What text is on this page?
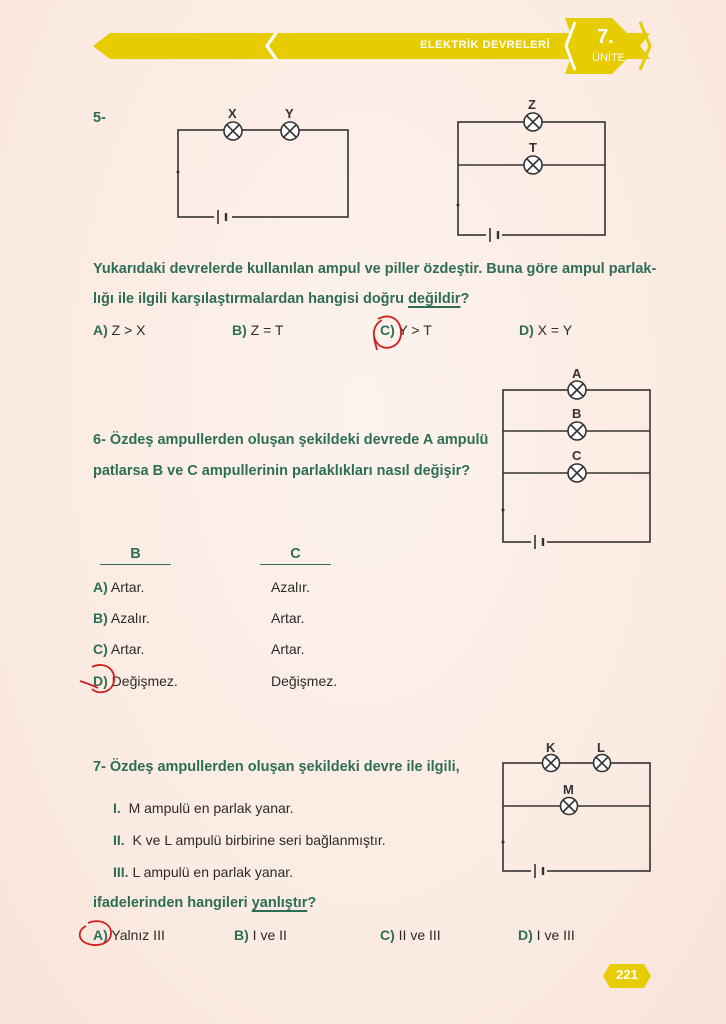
ELEKTRİK DEVRELERİ 7.
ÜNİTE
5-	X	Y
Z
T
Yukarıdaki devrelerde kullanılan ampul ve piller özdeştir. Buna göre ampul parlak-
lığı ile ilgili karşılaştırmalardan hangisi doğru değildir?
A) Z > X	B) Z = T	C) Y > T	D) X = Y
A
B
C
6- Özdeş ampullerden oluşan şekildeki devrede A ampulü
patlarsa B ve C ampullerinin parlaklıkları nasıl değişir?
B	C
A) Artar.	Azalır.
B) Azalır.	Artar.
C) Artar.	Artar.
D) Değişmez.	Değişmez.
K	L
M
7- Özdeş ampullerden oluşan şekildeki devre ile ilgili,
I. M ampulü en parlak yanar.
II. K ve L ampulü birbirine seri bağlanmıştır.
III. L ampulü en parlak yanar.
ifadelerinden hangileri yanlıştır?
A) Yalnız III	B) I ve II	C) II ve III	D) I ve III
221
